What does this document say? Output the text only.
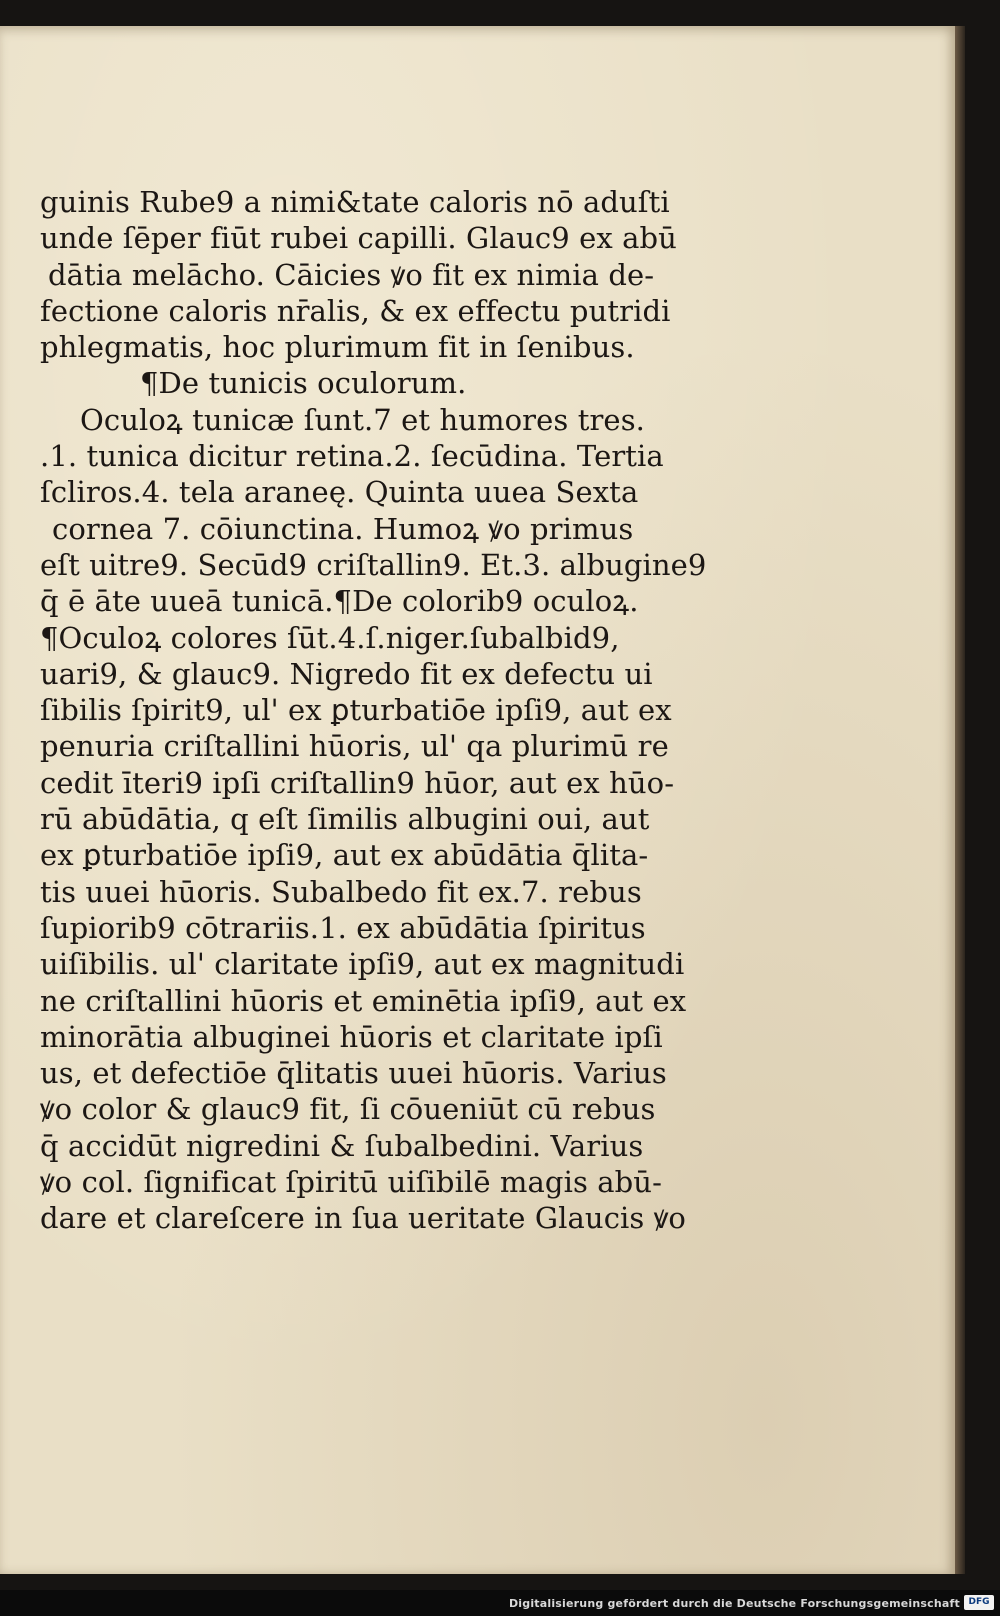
guinis Rube9 a nimi&tate caloris nō aduſti
unde ſēper fiūt rubei capilli. Glauc9 ex abū
dātia melācho. Cāicies ꝟo fit ex nimia de-
fectione caloris nr̄alis, & ex effectu putridi
phlegmatis, hoc plurimum fit in ſenibus.
¶De tunicis oculorum.
Oculoꝝ tunicæ ſunt.7 et humores tres.
.1. tunica dicitur retina.2. ſecūdina. Tertia
ſcliros.4. tela araneę. Quinta uuea Sexta
cornea 7. cōiunctina. Humoꝝ ꝟo primus
eſt uitre9. Secūd9 criſtallin9. Et.3. albugine9
q̄ ē āte uueā tunicā.¶De colorib9 oculoꝝ.
¶Oculoꝝ colores ſūt.4.ſ.niger.ſubalbid9,
uari9, & glauc9. Nigredo fit ex defectu ui
ſibilis ſpirit9, ul' ex ꝑturbatiōe ipſi9, aut ex
penuria criſtallini hūoris, ul' qa plurimū re
cedit īteri9 ipſi criſtallin9 hūor, aut ex hūo-
rū abūdātia, q eſt ſimilis albugini oui, aut
ex ꝑturbatiōe ipſi9, aut ex abūdātia q̄lita-
tis uuei hūoris. Subalbedo fit ex.7. rebus
ſupiorib9 cōtrariis.1. ex abūdātia ſpiritus
uiſibilis. ul' claritate ipſi9, aut ex magnitudi
ne criſtallini hūoris et eminētia ipſi9, aut ex
minorātia albuginei hūoris et claritate ipſi
us, et defectiōe q̄litatis uuei hūoris. Varius
ꝟo color & glauc9 fit, ſi cōueniūt cū rebus
q̄ accidūt nigredini & ſubalbedini. Varius
ꝟo col. ſignificat ſpiritū uiſibilē magis abū-
dare et clareſcere in ſua ueritate Glaucis ꝟo
Digitalisierung gefördert durch die Deutsche Forschungsgemeinschaft DFG
